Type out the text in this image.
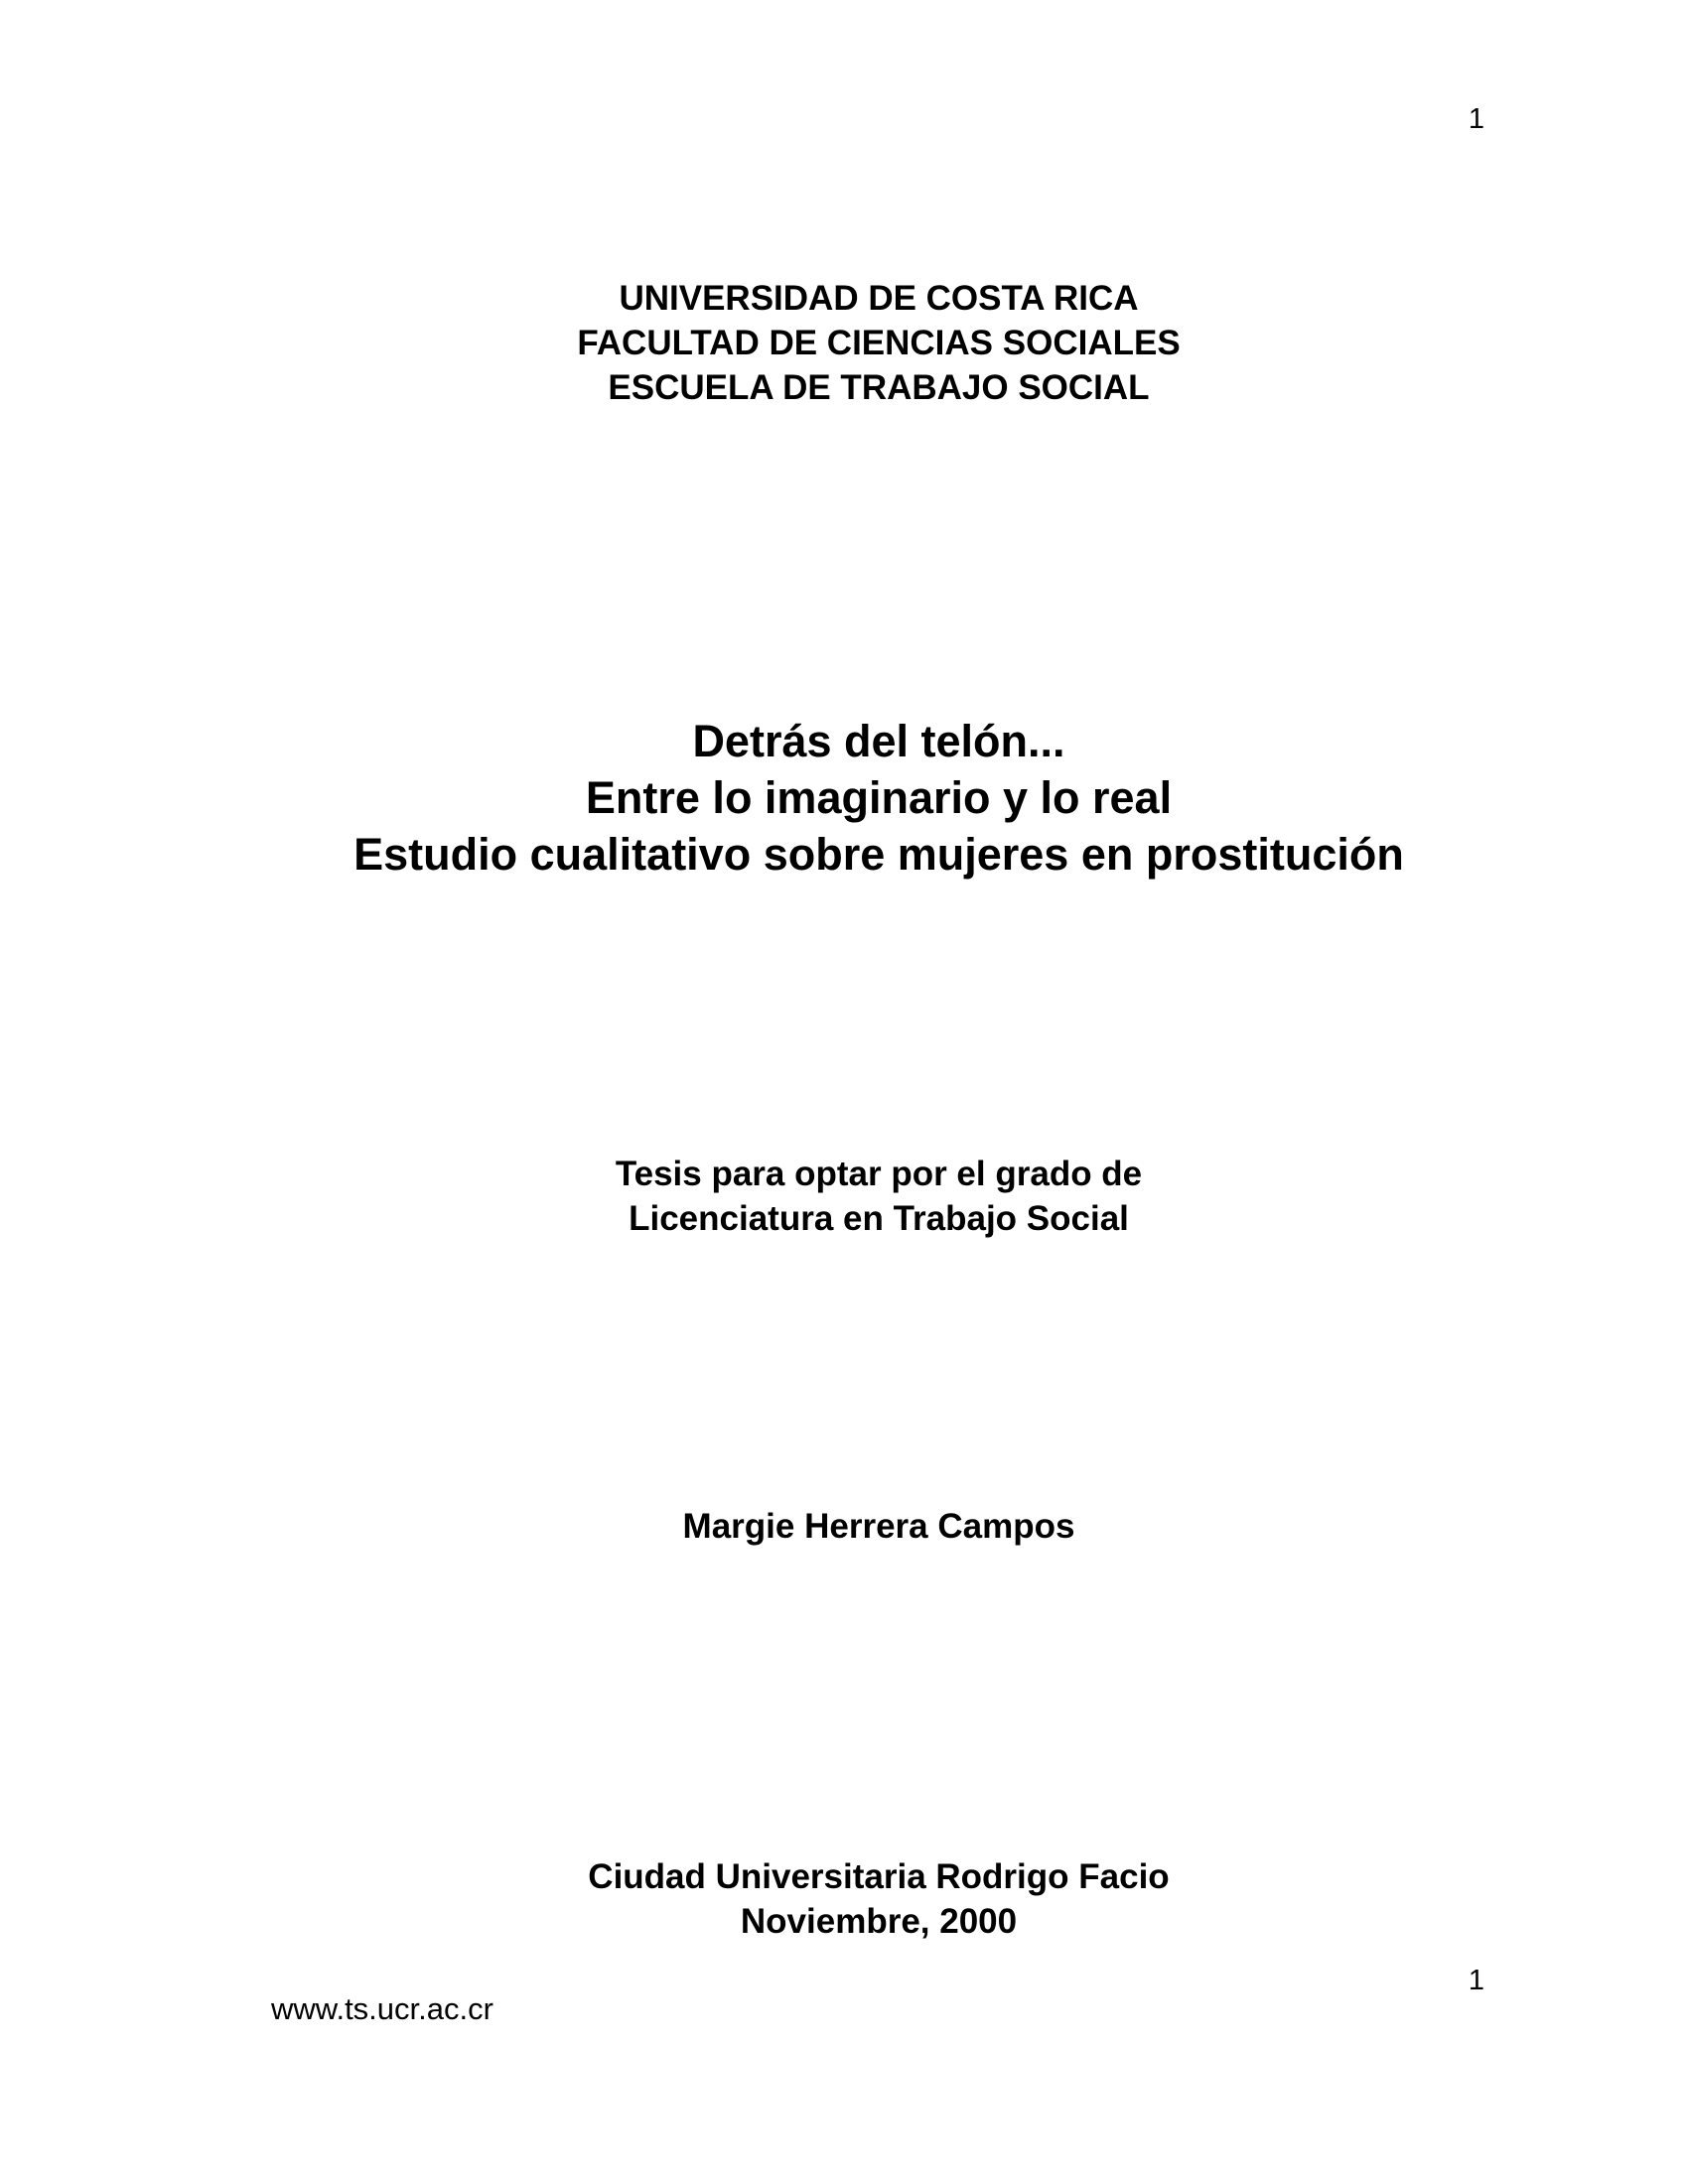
1
UNIVERSIDAD DE COSTA RICA
FACULTAD DE CIENCIAS SOCIALES
ESCUELA DE TRABAJO SOCIAL
Detrás del telón...
Entre lo imaginario y lo real
Estudio cualitativo sobre mujeres en prostitución
Tesis para optar por el grado de
Licenciatura en Trabajo Social
Margie Herrera Campos
Ciudad Universitaria Rodrigo Facio
Noviembre, 2000
1
www.ts.ucr.ac.cr
